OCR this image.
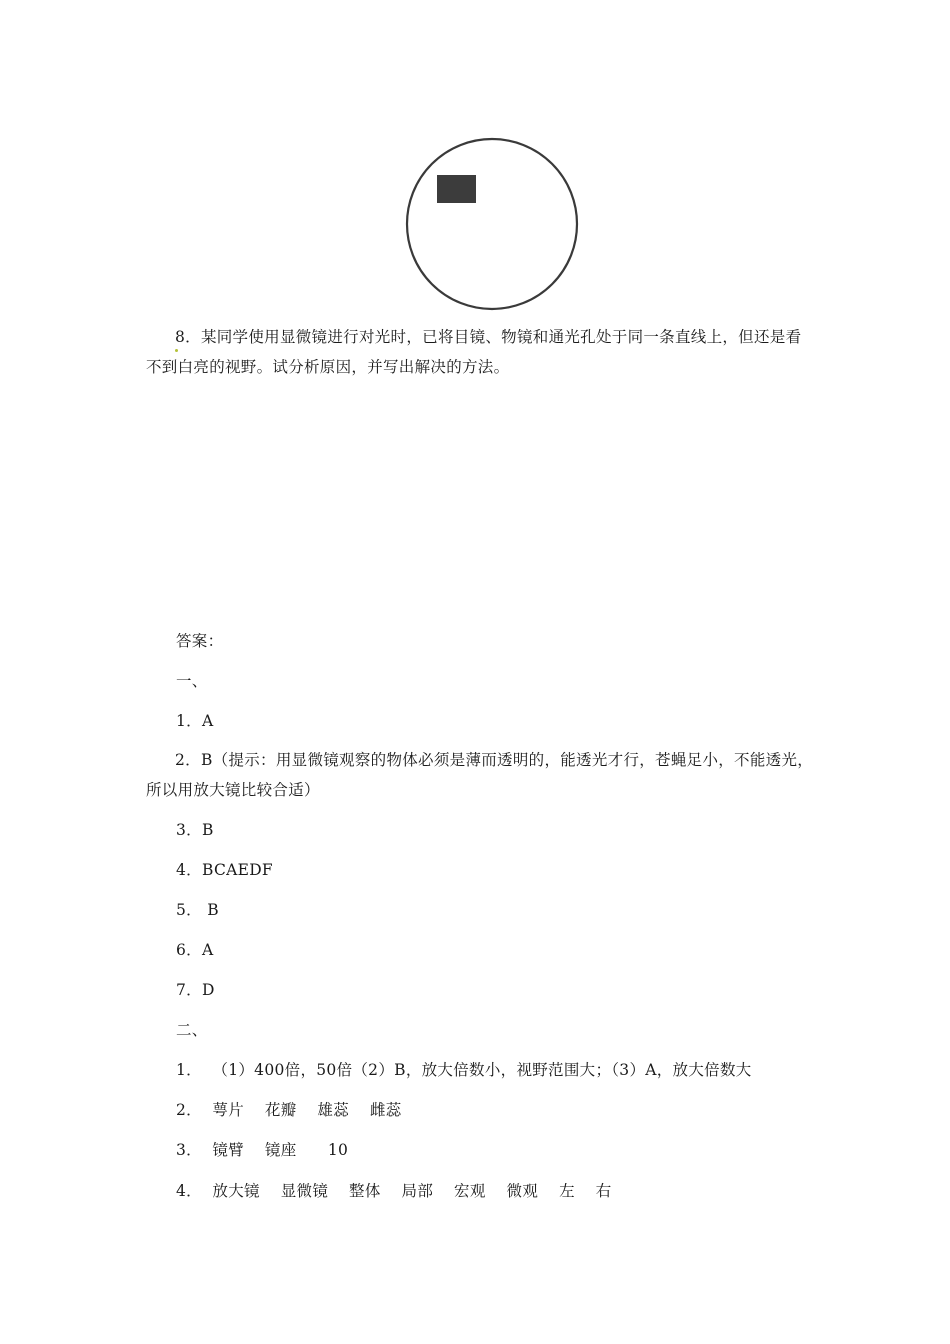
8．某同学使用显微镜进行对光时，已将目镜、物镜和通光孔处于同一条直线上，但还是看不到白亮的视野。试分析原因，并写出解决的方法。
答案：
一、
1．A
2．B（提示：用显微镜观察的物体必须是薄而透明的，能透光才行，苍蝇足小，不能透光，所以用放大镜比较合适）
3．B
4．BCAEDF
5． B
6．A
7．D
二、
1．  （1）400倍，50倍（2）B，放大倍数小，视野范围大；（3）A，放大倍数大
2．  萼片    花瓣    雄蕊    雌蕊
3．  镜臂    镜座      10
4．  放大镜    显微镜    整体    局部    宏观    微观    左    右
